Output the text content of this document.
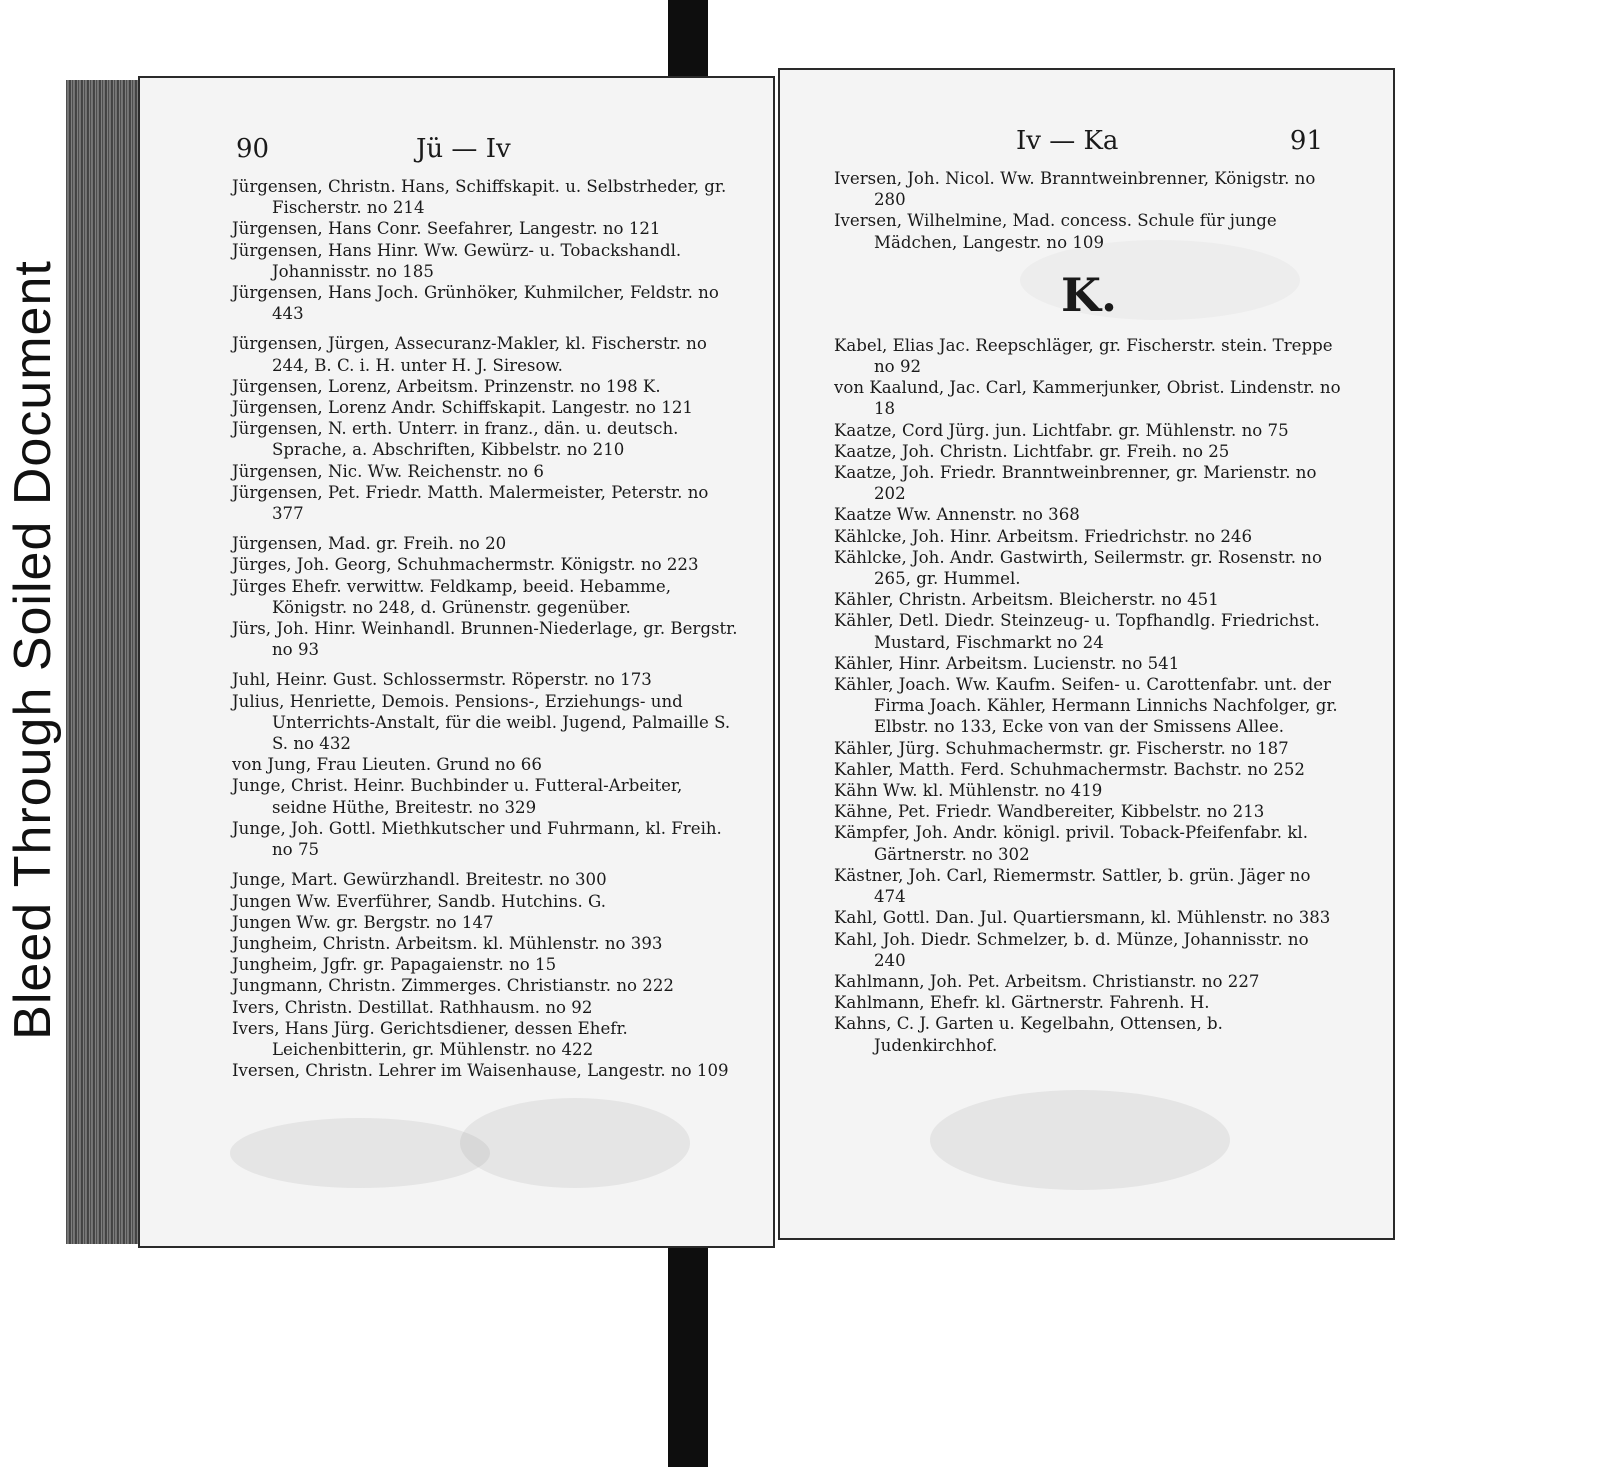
Bleed Through Soiled Document
90	Jü — Iv
Jürgensen, Christn. Hans, Schiffskapit. u. Selbstrheder, gr. Fischerstr. no 214
Jürgensen, Hans Conr. Seefahrer, Langestr. no 121
Jürgensen, Hans Hinr. Ww. Gewürz- u. Tobackshandl. Johannisstr. no 185
Jürgensen, Hans Joch. Grünhöker, Kuhmilcher, Feldstr. no 443
Jürgensen, Jürgen, Assecuranz-Makler, kl. Fischerstr. no 244, B. C. i. H. unter H. J. Siresow.
Jürgensen, Lorenz, Arbeitsm. Prinzenstr. no 198 K.
Jürgensen, Lorenz Andr. Schiffskapit. Langestr. no 121
Jürgensen, N. erth. Unterr. in franz., dän. u. deutsch. Sprache, a. Abschriften, Kibbelstr. no 210
Jürgensen, Nic. Ww. Reichenstr. no 6
Jürgensen, Pet. Friedr. Matth. Malermeister, Peterstr. no 377
Jürgensen, Mad. gr. Freih. no 20
Jürges, Joh. Georg, Schuhmachermstr. Königstr. no 223
Jürges Ehefr. verwittw. Feldkamp, beeid. Hebamme, Königstr. no 248, d. Grünenstr. gegenüber.
Jürs, Joh. Hinr. Weinhandl. Brunnen-Niederlage, gr. Bergstr. no 93
Juhl, Heinr. Gust. Schlossermstr. Röperstr. no 173
Julius, Henriette, Demois. Pensions-, Erziehungs- und Unterrichts-Anstalt, für die weibl. Jugend, Palmaille S. S. no 432
von Jung, Frau Lieuten. Grund no 66
Junge, Christ. Heinr. Buchbinder u. Futteral-Arbeiter, seidne Hüthe, Breitestr. no 329
Junge, Joh. Gottl. Miethkutscher und Fuhrmann, kl. Freih. no 75
Junge, Mart. Gewürzhandl. Breitestr. no 300
Jungen Ww. Everführer, Sandb. Hutchins. G.
Jungen Ww. gr. Bergstr. no 147
Jungheim, Christn. Arbeitsm. kl. Mühlenstr. no 393
Jungheim, Jgfr. gr. Papagaienstr. no 15
Jungmann, Christn. Zimmerges. Christianstr. no 222
Ivers, Christn. Destillat. Rathhausm. no 92
Ivers, Hans Jürg. Gerichtsdiener, dessen Ehefr. Leichenbitterin, gr. Mühlenstr. no 422
Iversen, Christn. Lehrer im Waisenhause, Langestr. no 109
Iv — Ka	91
Iversen, Joh. Nicol. Ww. Branntweinbrenner, Königstr. no 280
Iversen, Wilhelmine, Mad. concess. Schule für junge Mädchen, Langestr. no 109
K.
Kabel, Elias Jac. Reepschläger, gr. Fischerstr. stein. Treppe no 92
von Kaalund, Jac. Carl, Kammerjunker, Obrist. Lindenstr. no 18
Kaatze, Cord Jürg. jun. Lichtfabr. gr. Mühlenstr. no 75
Kaatze, Joh. Christn. Lichtfabr. gr. Freih. no 25
Kaatze, Joh. Friedr. Branntweinbrenner, gr. Marienstr. no 202
Kaatze Ww. Annenstr. no 368
Kählcke, Joh. Hinr. Arbeitsm. Friedrichstr. no 246
Kählcke, Joh. Andr. Gastwirth, Seilermstr. gr. Rosenstr. no 265, gr. Hummel.
Kähler, Christn. Arbeitsm. Bleicherstr. no 451
Kähler, Detl. Diedr. Steinzeug- u. Topfhandlg. Friedrichst. Mustard, Fischmarkt no 24
Kähler, Hinr. Arbeitsm. Lucienstr. no 541
Kähler, Joach. Ww. Kaufm. Seifen- u. Carottenfabr. unt. der Firma Joach. Kähler, Hermann Linnichs Nachfolger, gr. Elbstr. no 133, Ecke von van der Smissens Allee.
Kähler, Jürg. Schuhmachermstr. gr. Fischerstr. no 187
Kahler, Matth. Ferd. Schuhmachermstr. Bachstr. no 252
Kähn Ww. kl. Mühlenstr. no 419
Kähne, Pet. Friedr. Wandbereiter, Kibbelstr. no 213
Kämpfer, Joh. Andr. königl. privil. Toback-Pfeifenfabr. kl. Gärtnerstr. no 302
Kästner, Joh. Carl, Riemermstr. Sattler, b. grün. Jäger no 474
Kahl, Gottl. Dan. Jul. Quartiersmann, kl. Mühlenstr. no 383
Kahl, Joh. Diedr. Schmelzer, b. d. Münze, Johannisstr. no 240
Kahlmann, Joh. Pet. Arbeitsm. Christianstr. no 227
Kahlmann, Ehefr. kl. Gärtnerstr. Fahrenh. H.
Kahns, C. J. Garten u. Kegelbahn, Ottensen, b. Judenkirchhof.
